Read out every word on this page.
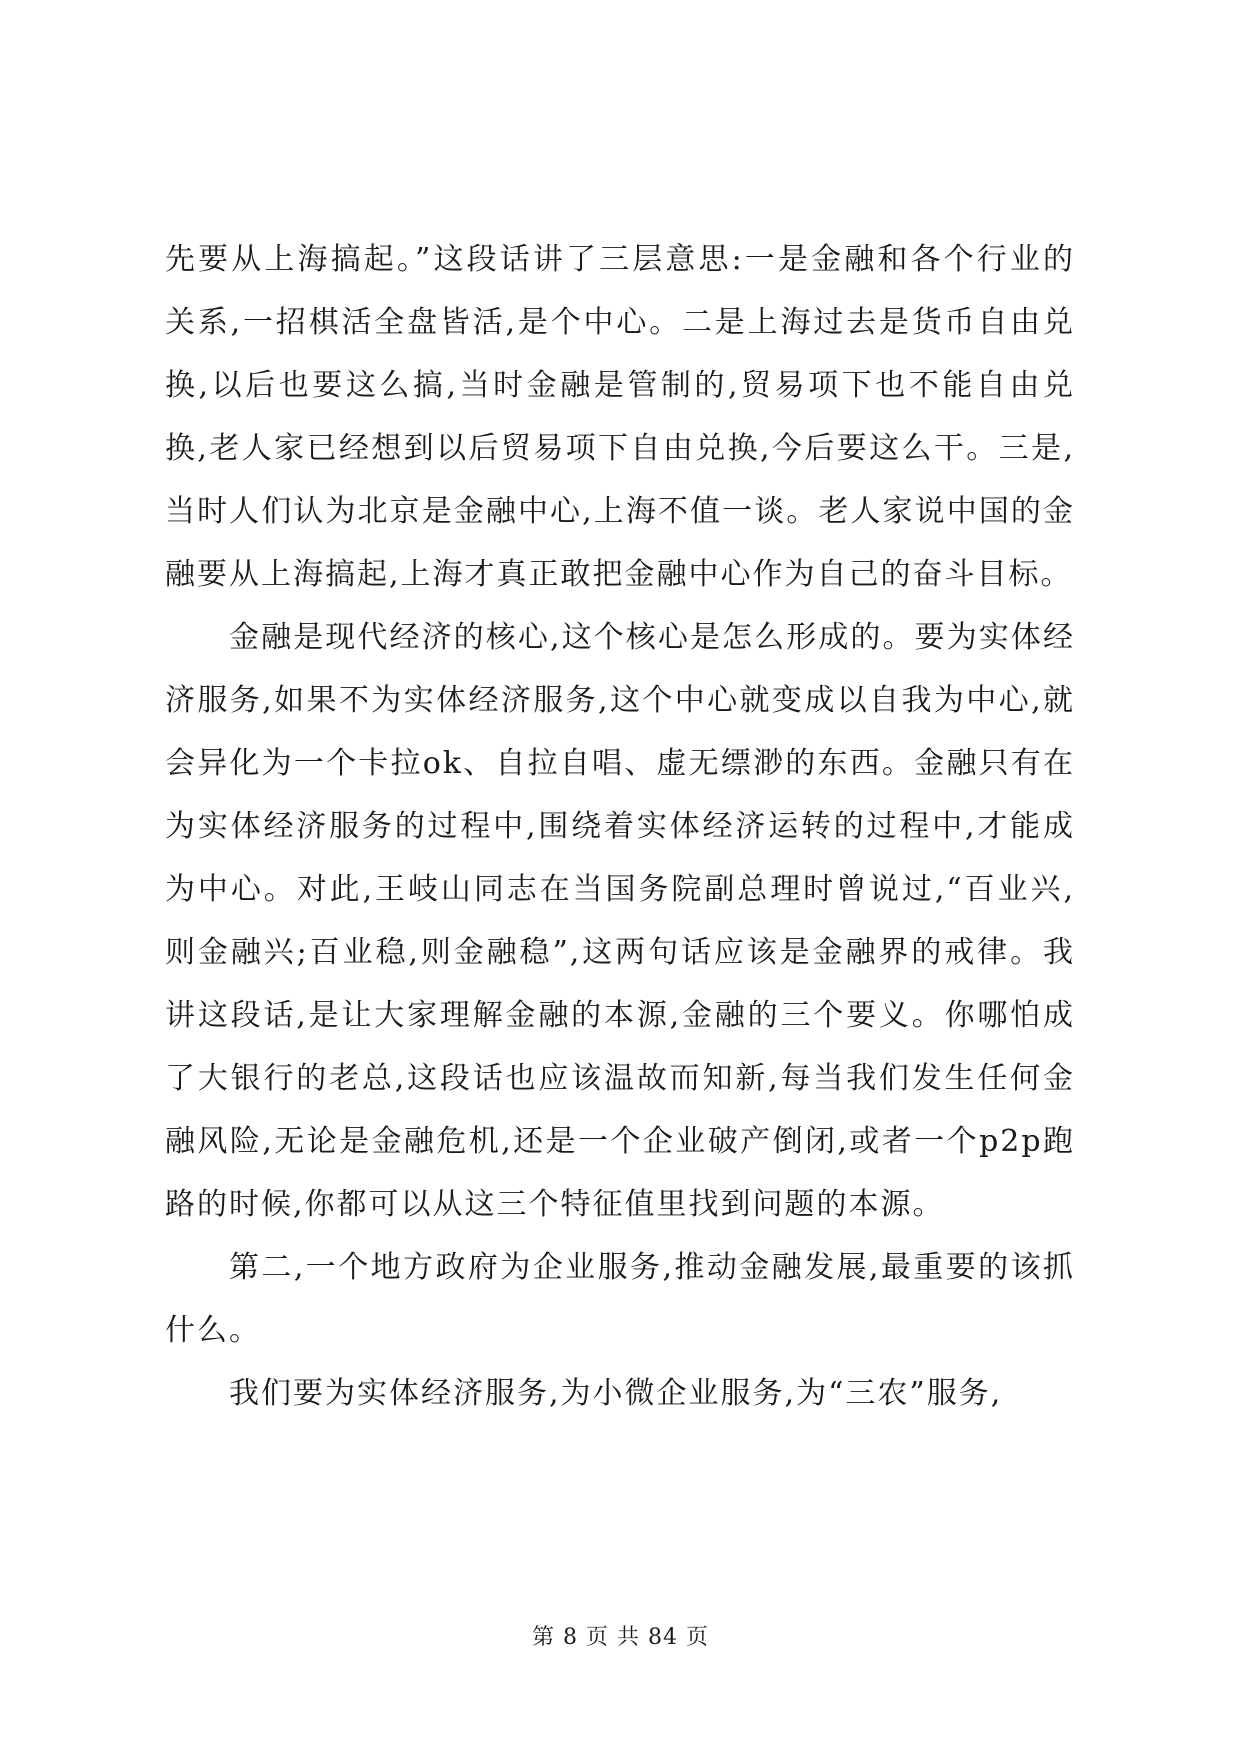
先要从上海搞起。”这段话讲了三层意思:一是金融和各个行业的关系,一招棋活全盘皆活,是个中心。二是上海过去是货币自由兑换,以后也要这么搞,当时金融是管制的,贸易项下也不能自由兑换,老人家已经想到以后贸易项下自由兑换,今后要这么干。三是,当时人们认为北京是金融中心,上海不值一谈。老人家说中国的金融要从上海搞起,上海才真正敢把金融中心作为自己的奋斗目标。

金融是现代经济的核心,这个核心是怎么形成的。要为实体经济服务,如果不为实体经济服务,这个中心就变成以自我为中心,就会异化为一个卡拉ok、自拉自唱、虚无缥渺的东西。金融只有在为实体经济服务的过程中,围绕着实体经济运转的过程中,才能成为中心。对此,王岐山同志在当国务院副总理时曾说过,“百业兴,则金融兴;百业稳,则金融稳”,这两句话应该是金融界的戒律。我讲这段话,是让大家理解金融的本源,金融的三个要义。你哪怕成了大银行的老总,这段话也应该温故而知新,每当我们发生任何金融风险,无论是金融危机,还是一个企业破产倒闭,或者一个p2p跑路的时候,你都可以从这三个特征值里找到问题的本源。

第二,一个地方政府为企业服务,推动金融发展,最重要的该抓什么。

我们要为实体经济服务,为小微企业服务,为“三农”服务,

第 8 页 共 84 页
